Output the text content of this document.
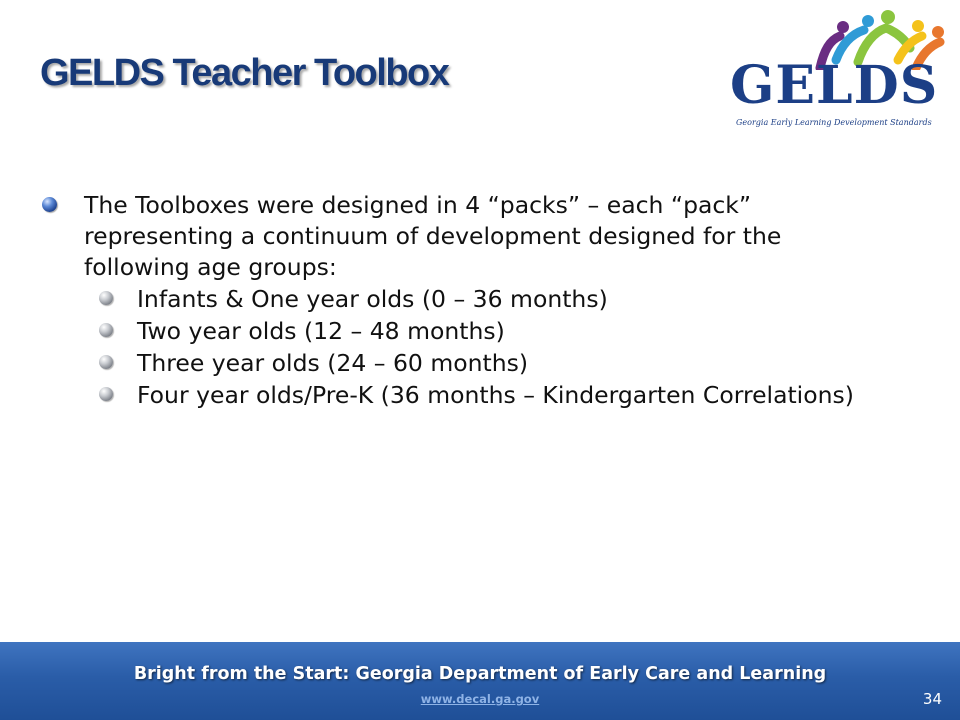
GELDS Teacher Toolbox	GELDS
Georgia Early Learning Development Standards
The Toolboxes were designed in 4 “packs” – each “pack” representing a continuum of development designed for the following age groups:
Infants & One year olds (0 – 36 months)
Two year olds (12 – 48 months)
Three year olds (24 – 60 months)
Four year olds/Pre-K (36 months – Kindergarten Correlations)
Bright from the Start: Georgia Department of Early Care and Learning
www.decal.ga.gov	34
